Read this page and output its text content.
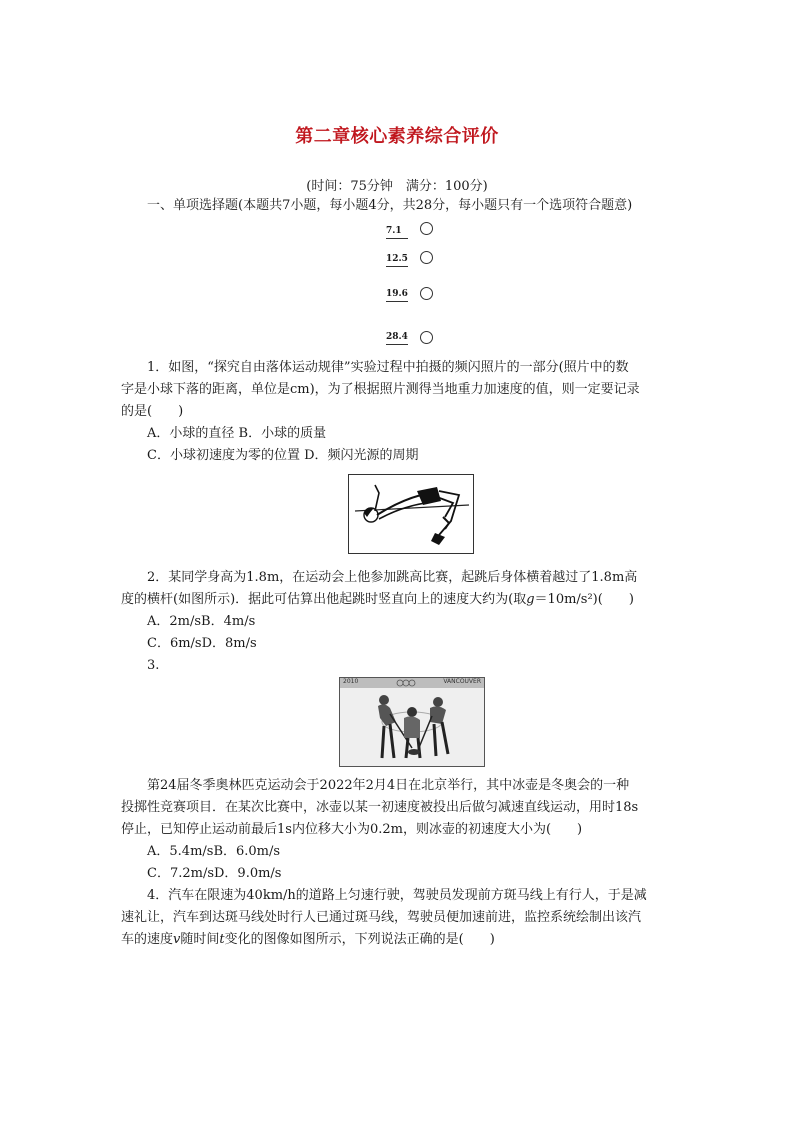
第二章核心素养综合评价
(时间：75分钟　满分：100分)
一、单项选择题(本题共7小题，每小题4分，共28分，每小题只有一个选项符合题意)
7.1
12.5
19.6
28.4
1．如图，“探究自由落体运动规律”实验过程中拍摄的频闪照片的一部分(照片中的数
字是小球下落的距离，单位是cm)，为了根据照片测得当地重力加速度的值，则一定要记录
的是(　　)
A．小球的直径 B．小球的质量
C．小球初速度为零的位置 D．频闪光源的周期
2．某同学身高为1.8m，在运动会上他参加跳高比赛，起跳后身体横着越过了1.8m高
度的横杆(如图所示)．据此可估算出他起跳时竖直向上的速度大约为(取g＝10m/s²)(　　)
A．2m/sB．4m/s
C．6m/sD．8m/s
3.
2010	VANCOUVER
第24届冬季奥林匹克运动会于2022年2月4日在北京举行，其中冰壶是冬奥会的一种
投掷性竞赛项目．在某次比赛中，冰壶以某一初速度被投出后做匀减速直线运动，用时18s
停止，已知停止运动前最后1s内位移大小为0.2m，则冰壶的初速度大小为(　　)
A．5.4m/sB．6.0m/s
C．7.2m/sD．9.0m/s
4．汽车在限速为40km/h的道路上匀速行驶，驾驶员发现前方斑马线上有行人，于是减
速礼让，汽车到达斑马线处时行人已通过斑马线，驾驶员便加速前进，监控系统绘制出该汽
车的速度v随时间t变化的图像如图所示，下列说法正确的是(　　)
